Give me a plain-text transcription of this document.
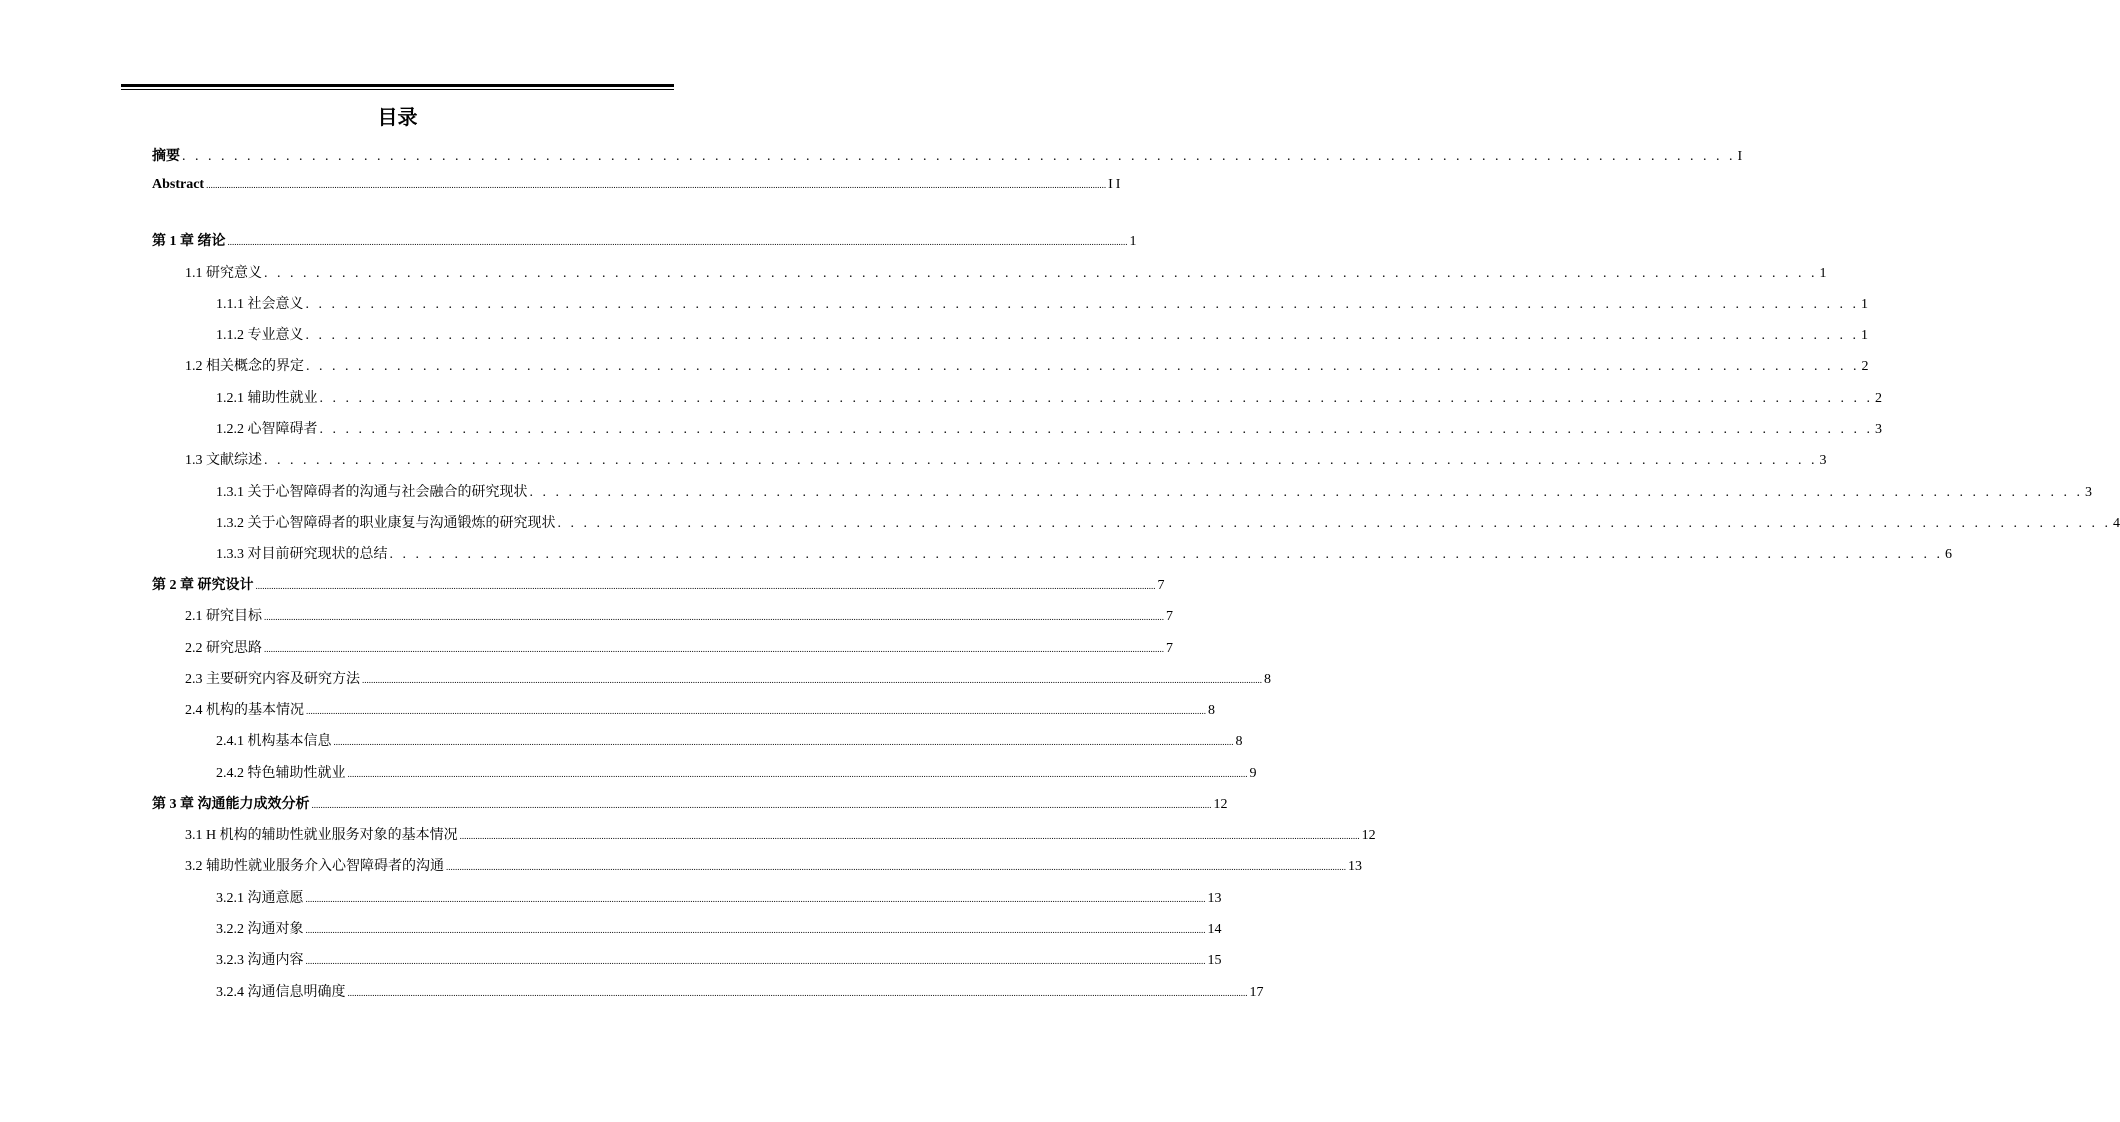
目录
摘要 . . . . . . . . . . . . . . . . . . . . . . . . . . . . . . . . . . . . . . . . . . . . . . . . . . . . . . . . . . . . . . . . . . . . . . . . . . . . . . . . . . . . . . . . . . . . . . . . . . . . . . . . . . . . . . . . . . . . . . . . I
Abstract ................................................................................................................................................................................................................................................................................................................................................................................................................ II
第 1 章 绪论 ................................................................................................................................................................................................................................................................................................................................................................................................................ 1
1.1 研究意义 . . . . . . . . . . . . . . . . . . . . . . . . . . . . . . . . . . . . . . . . . . . . . . . . . . . . . . . . . . . . . . . . . . . . . . . . . . . . . . . . . . . . . . . . . . . . . . . . . . . . . . . . . . . . . . . . . . . . . . . . 1
1.1.1 社会意义 . . . . . . . . . . . . . . . . . . . . . . . . . . . . . . . . . . . . . . . . . . . . . . . . . . . . . . . . . . . . . . . . . . . . . . . . . . . . . . . . . . . . . . . . . . . . . . . . . . . . . . . . . . . . . . . . . . . . . . . . 1
1.1.2 专业意义 . . . . . . . . . . . . . . . . . . . . . . . . . . . . . . . . . . . . . . . . . . . . . . . . . . . . . . . . . . . . . . . . . . . . . . . . . . . . . . . . . . . . . . . . . . . . . . . . . . . . . . . . . . . . . . . . . . . . . . . . 1
1.2 相关概念的界定 . . . . . . . . . . . . . . . . . . . . . . . . . . . . . . . . . . . . . . . . . . . . . . . . . . . . . . . . . . . . . . . . . . . . . . . . . . . . . . . . . . . . . . . . . . . . . . . . . . . . . . . . . . . . . . . . . . . . . . . . 2
1.2.1 辅助性就业 . . . . . . . . . . . . . . . . . . . . . . . . . . . . . . . . . . . . . . . . . . . . . . . . . . . . . . . . . . . . . . . . . . . . . . . . . . . . . . . . . . . . . . . . . . . . . . . . . . . . . . . . . . . . . . . . . . . . . . . . 2
1.2.2 心智障碍者 . . . . . . . . . . . . . . . . . . . . . . . . . . . . . . . . . . . . . . . . . . . . . . . . . . . . . . . . . . . . . . . . . . . . . . . . . . . . . . . . . . . . . . . . . . . . . . . . . . . . . . . . . . . . . . . . . . . . . . . . 3
1.3 文献综述 . . . . . . . . . . . . . . . . . . . . . . . . . . . . . . . . . . . . . . . . . . . . . . . . . . . . . . . . . . . . . . . . . . . . . . . . . . . . . . . . . . . . . . . . . . . . . . . . . . . . . . . . . . . . . . . . . . . . . . . . 3
1.3.1 关于心智障碍者的沟通与社会融合的研究现状 . . . . . . . . . . . . . . . . . . . . . . . . . . . . . . . . . . . . . . . . . . . . . . . . . . . . . . . . . . . . . . . . . . . . . . . . . . . . . . . . . . . . . . . . . . . . . . . . . . . . . . . . . . . . . . . . . . . . . . . . 3
1.3.2 关于心智障碍者的职业康复与沟通锻炼的研究现状 . . . . . . . . . . . . . . . . . . . . . . . . . . . . . . . . . . . . . . . . . . . . . . . . . . . . . . . . . . . . . . . . . . . . . . . . . . . . . . . . . . . . . . . . . . . . . . . . . . . . . . . . . . . . . . . . . . . . . . . . 4
1.3.3 对目前研究现状的总结 . . . . . . . . . . . . . . . . . . . . . . . . . . . . . . . . . . . . . . . . . . . . . . . . . . . . . . . . . . . . . . . . . . . . . . . . . . . . . . . . . . . . . . . . . . . . . . . . . . . . . . . . . . . . . . . . . . . . . . . . 6
第 2 章 研究设计 ................................................................................................................................................................................................................................................................................................................................................................................................................ 7
2.1 研究目标 ................................................................................................................................................................................................................................................................................................................................................................................................................ 7
2.2 研究思路 ................................................................................................................................................................................................................................................................................................................................................................................................................ 7
2.3 主要研究内容及研究方法 ................................................................................................................................................................................................................................................................................................................................................................................................................ 8
2.4 机构的基本情况 ................................................................................................................................................................................................................................................................................................................................................................................................................ 8
2.4.1 机构基本信息 ................................................................................................................................................................................................................................................................................................................................................................................................................ 8
2.4.2 特色辅助性就业 ................................................................................................................................................................................................................................................................................................................................................................................................................ 9
第 3 章 沟通能力成效分析 ................................................................................................................................................................................................................................................................................................................................................................................................................ 12
3.1 H 机构的辅助性就业服务对象的基本情况 ................................................................................................................................................................................................................................................................................................................................................................................................................ 12
3.2 辅助性就业服务介入心智障碍者的沟通 ................................................................................................................................................................................................................................................................................................................................................................................................................ 13
3.2.1 沟通意愿 ................................................................................................................................................................................................................................................................................................................................................................................................................ 13
3.2.2 沟通对象 ................................................................................................................................................................................................................................................................................................................................................................................................................ 14
3.2.3 沟通内容 ................................................................................................................................................................................................................................................................................................................................................................................................................ 15
3.2.4 沟通信息明确度 ................................................................................................................................................................................................................................................................................................................................................................................................................ 17
